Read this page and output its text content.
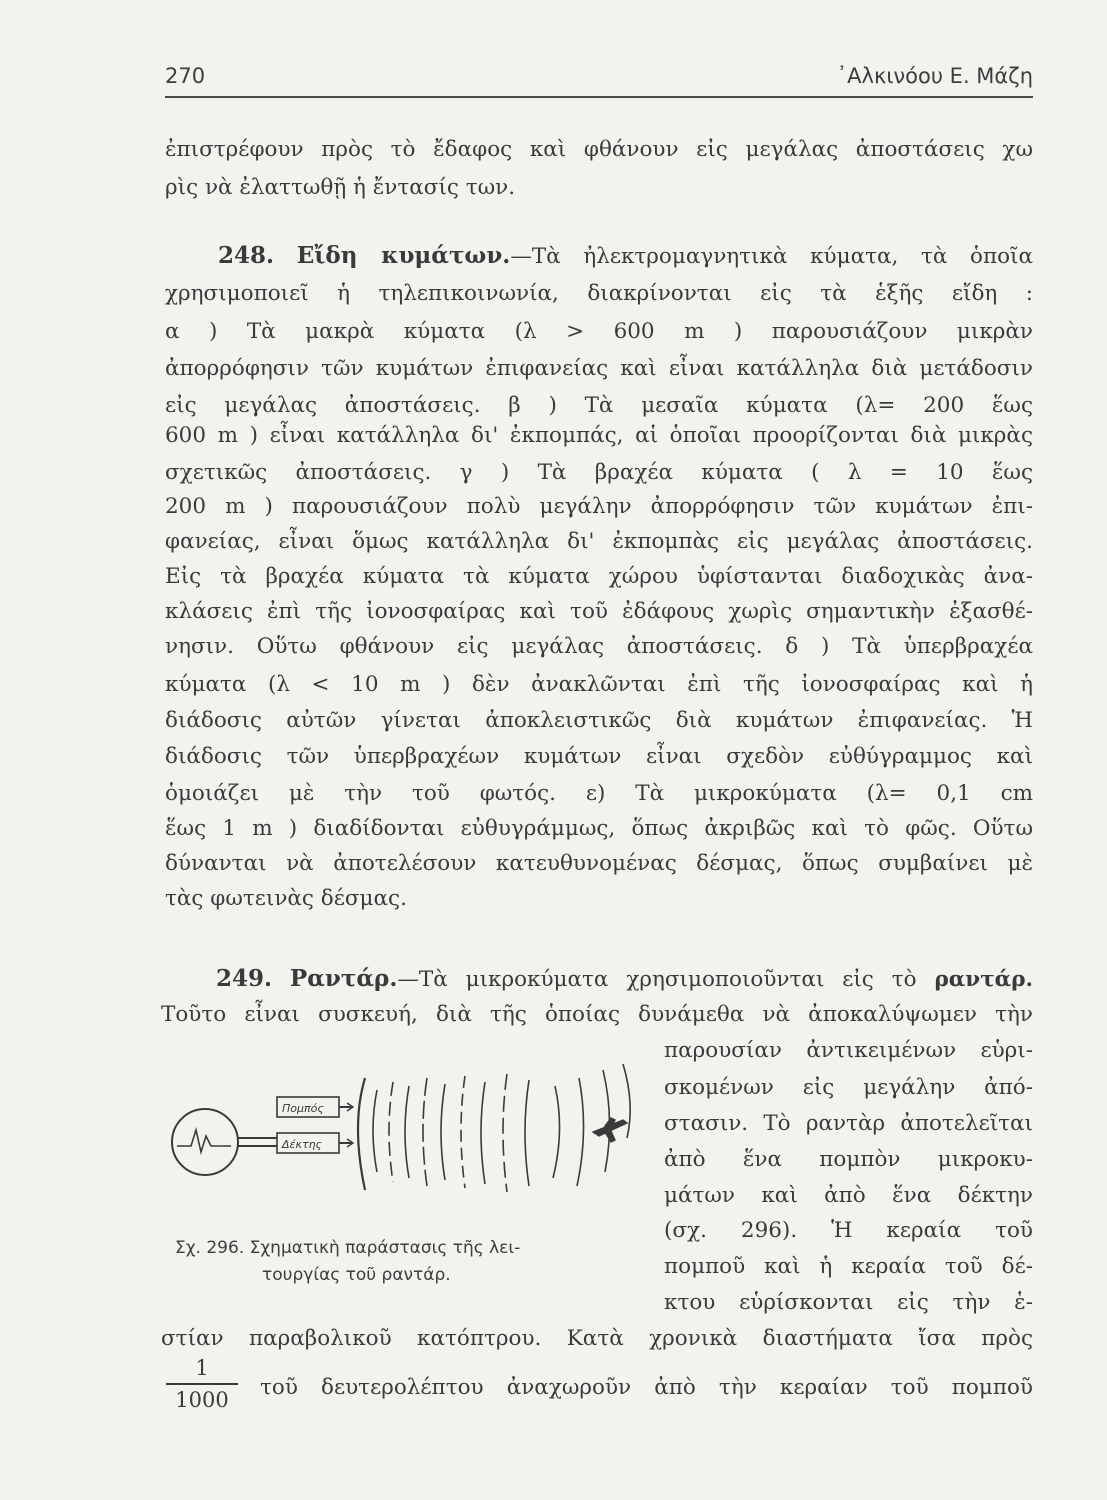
270	᾿Αλκινόου Ε. Μάζη
ἐπιστρέφουν πρὸς τὸ ἔδαφος καὶ φθάνουν εἰς μεγάλας ἀποστάσεις χω
ρὶς νὰ ἐλαττωθῇ ἡ ἔντασίς των.
248. Εἴδη κυμάτων.—Τὰ ἠλεκτρομαγνητικὰ κύματα, τὰ ὁποῖα
χρησιμοποιεῖ ἡ τηλεπικοινωνία, διακρίνονται εἰς τὰ ἑξῆς εἴδη :
α ) Τὰ μακρὰ κύματα (λ > 600 m ) παρουσιάζουν μικρὰν
ἀπορρόφησιν τῶν κυμάτων ἐπιφανείας καὶ εἶναι κατάλληλα διὰ μετάδοσιν
εἰς μεγάλας ἀποστάσεις. β ) Τὰ μεσαῖα κύματα (λ= 200 ἕως
600 m ) εἶναι κατάλληλα δι' ἐκπομπάς, αἱ ὁποῖαι προορίζονται διὰ μικρὰς
σχετικῶς ἀποστάσεις. γ ) Τὰ βραχέα κύματα ( λ = 10 ἕως
200 m ) παρουσιάζουν πολὺ μεγάλην ἀπορρόφησιν τῶν κυμάτων ἐπι-
φανείας, εἶναι ὅμως κατάλληλα δι' ἐκπομπὰς εἰς μεγάλας ἀποστάσεις.
Εἰς τὰ βραχέα κύματα τὰ κύματα χώρου ὑφίστανται διαδοχικὰς ἀνα-
κλάσεις ἐπὶ τῆς ἰονοσφαίρας καὶ τοῦ ἐδάφους χωρὶς σημαντικὴν ἐξασθέ-
νησιν. Οὕτω φθάνουν εἰς μεγάλας ἀποστάσεις. δ ) Τὰ ὑπερβραχέα
κύματα (λ < 10 m ) δὲν ἀνακλῶνται ἐπὶ τῆς ἰονοσφαίρας καὶ ἡ
διάδοσις αὐτῶν γίνεται ἀποκλειστικῶς διὰ κυμάτων ἐπιφανείας. Ἡ
διάδοσις τῶν ὑπερβραχέων κυμάτων εἶναι σχεδὸν εὐθύγραμμος καὶ
ὁμοιάζει μὲ τὴν τοῦ φωτός. ε) Τὰ μικροκύματα (λ= 0,1 cm
ἕως 1 m ) διαδίδονται εὐθυγράμμως, ὅπως ἀκριβῶς καὶ τὸ φῶς. Οὕτω
δύνανται νὰ ἀποτελέσουν κατευθυνομένας δέσμας, ὅπως συμβαίνει μὲ
τὰς φωτεινὰς δέσμας.
249. Ραντάρ.—Τὰ μικροκύματα χρησιμοποιοῦνται εἰς τὸ ραντάρ.
Τοῦτο εἶναι συσκευή, διὰ τῆς ὁποίας δυνάμεθα νὰ ἀποκαλύψωμεν τὴν
παρουσίαν ἀντικειμένων εὑρι-
σκομένων εἰς μεγάλην ἀπό-
στασιν. Τὸ ραντὰρ ἀποτελεῖται
ἀπὸ ἕνα πομπὸν μικροκυ-
μάτων καὶ ἀπὸ ἕνα δέκτην
(σχ. 296). Ἡ κεραία τοῦ
πομποῦ καὶ ἡ κεραία τοῦ δέ-
κτου εὑρίσκονται εἰς τὴν ἑ-
Πομπός
Δέκτης
Σχ. 296. Σχηματικὴ παράστασις τῆς λει-
τουργίας τοῦ ραντάρ.
στίαν παραβολικοῦ κατόπτρου. Κατὰ χρονικὰ διαστήματα ἴσα πρὸς
$\frac{1}{1000}$ τοῦ δευτερολέπτου ἀναχωροῦν ἀπὸ τὴν κεραίαν τοῦ πομποῦ
